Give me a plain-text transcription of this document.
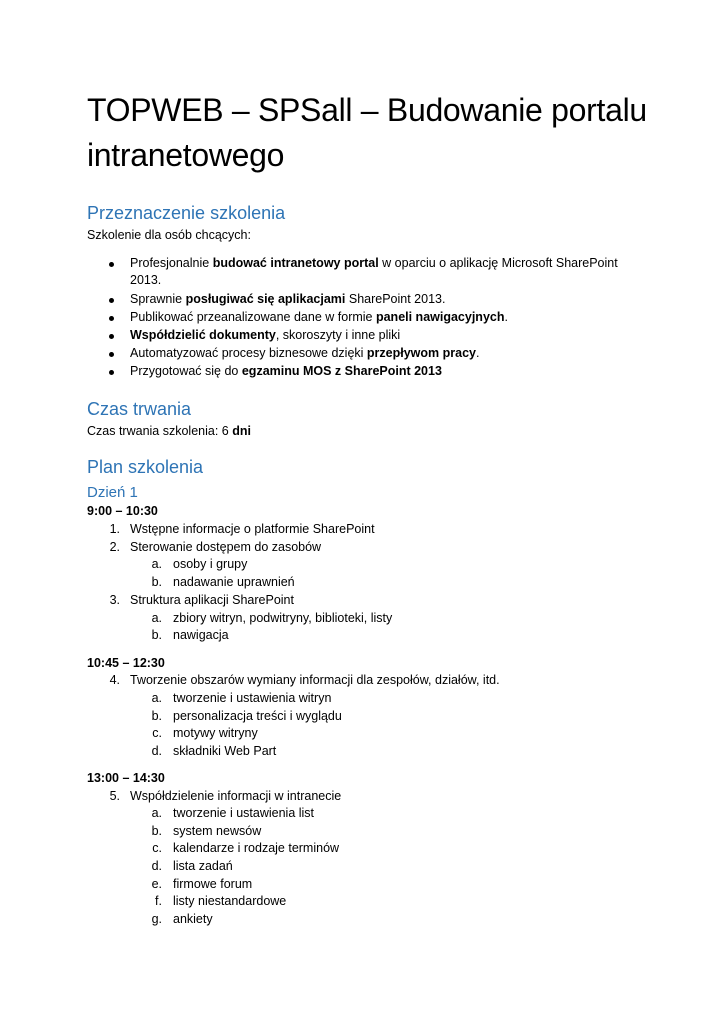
TOPWEB – SPSall – Budowanie portalu intranetowego
Przeznaczenie szkolenia
Szkolenie dla osób chcących:
Profesjonalnie budować intranetowy portal w oparciu o aplikację Microsoft SharePoint
2013.
Sprawnie posługiwać się aplikacjami SharePoint 2013.
Publikować przeanalizowane dane w formie paneli nawigacyjnych.
Współdzielić dokumenty, skoroszyty i inne pliki
Automatyzować procesy biznesowe dzięki przepływom pracy.
Przygotować się do egzaminu MOS z SharePoint 2013
Czas trwania
Czas trwania szkolenia: 6 dni
Plan szkolenia
Dzień 1
9:00 – 10:30
1. Wstępne informacje o platformie SharePoint
2. Sterowanie dostępem do zasobów
a. osoby i grupy
b. nadawanie uprawnień
3. Struktura aplikacji SharePoint
a. zbiory witryn, podwitryny, biblioteki, listy
b. nawigacja
10:45 – 12:30
4. Tworzenie obszarów wymiany informacji dla zespołów, działów, itd.
a. tworzenie i ustawienia witryn
b. personalizacja treści i wyglądu
c. motywy witryny
d. składniki Web Part
13:00 – 14:30
5. Współdzielenie informacji w intranecie
a. tworzenie i ustawienia list
b. system newsów
c. kalendarze i rodzaje terminów
d. lista zadań
e. firmowe forum
f. listy niestandardowe
g. ankiety
